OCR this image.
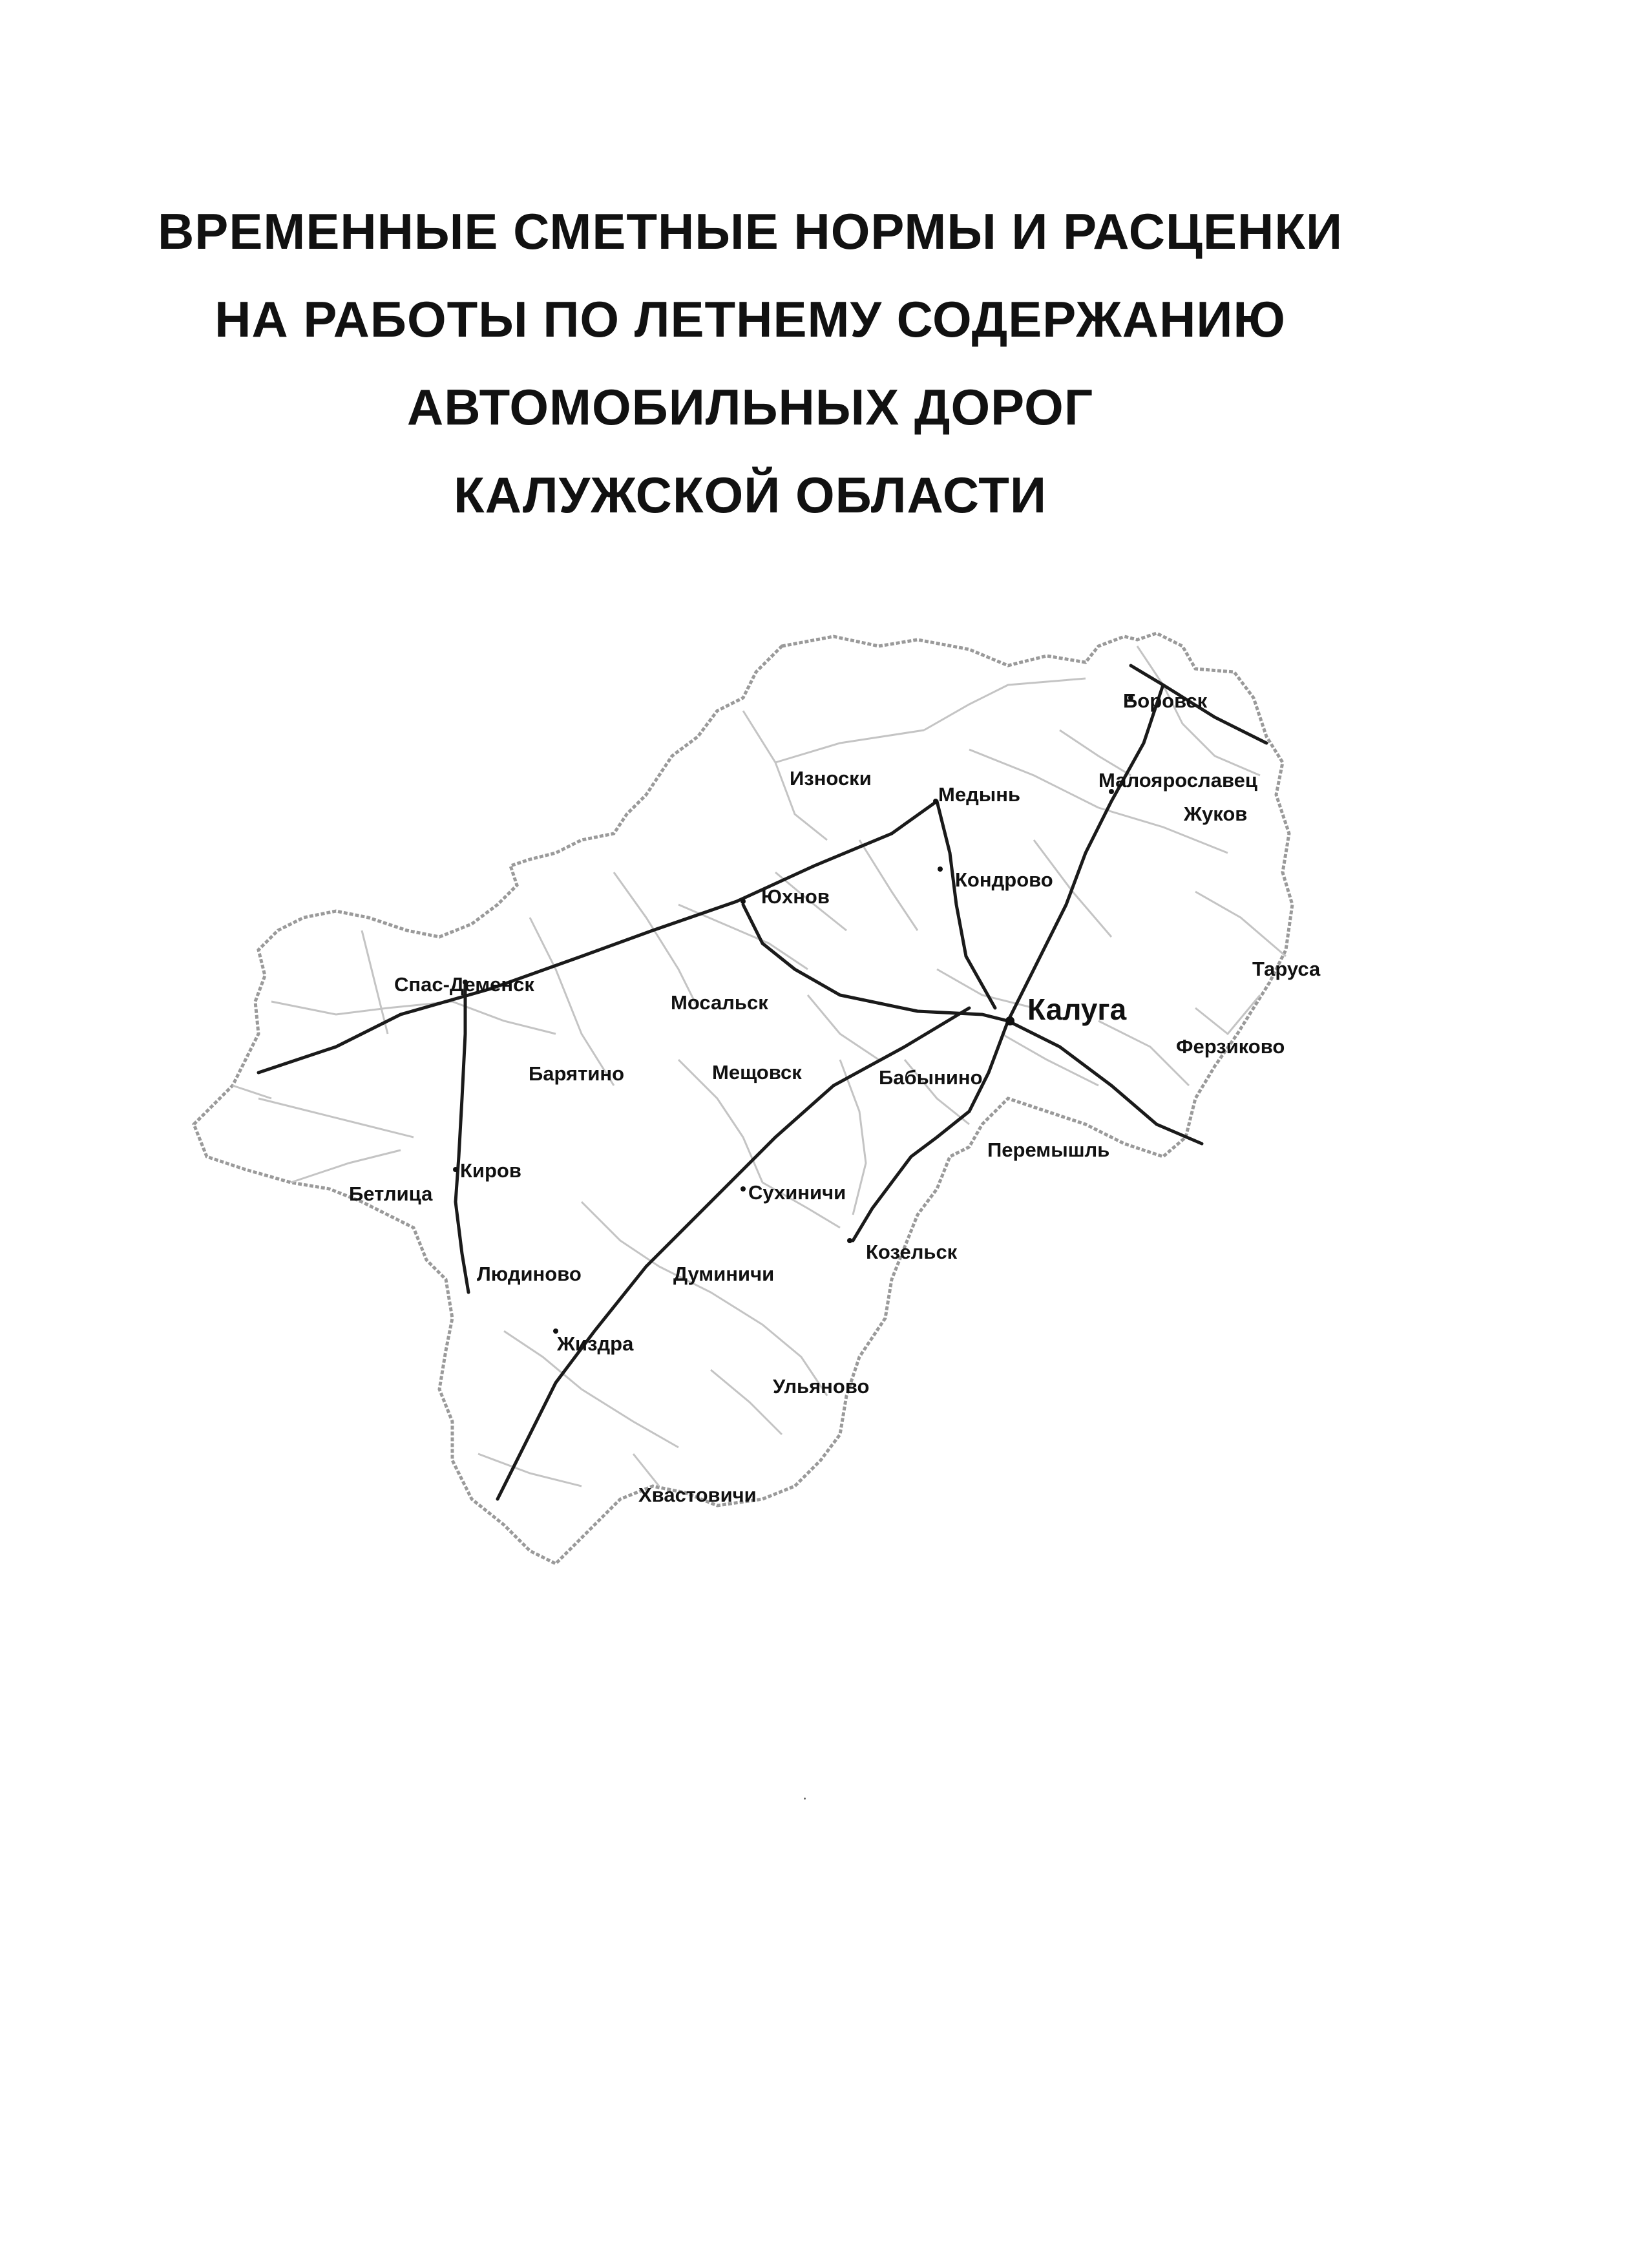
Боровск
Износки
Медынь
Малоярославец
Жуков
Юхнов
Кондрово
Таруса
Спас-Деменск
Мосальск	Калуга
Ферзиково
Барятино	Мещовск	Бабынино
Перемышль
Киров
Бетлица	Сухиничи
Козельск
Людиново	Думиничи
Жиздра
Ульяново
Хвастовичи
ВРЕМЕННЫЕ СМЕТНЫЕ НОРМЫ И РАСЦЕНКИ
НА РАБОТЫ ПО ЛЕТНЕМУ СОДЕРЖАНИЮ
АВТОМОБИЛЬНЫХ ДОРОГ
КАЛУЖСКОЙ ОБЛАСТИ
